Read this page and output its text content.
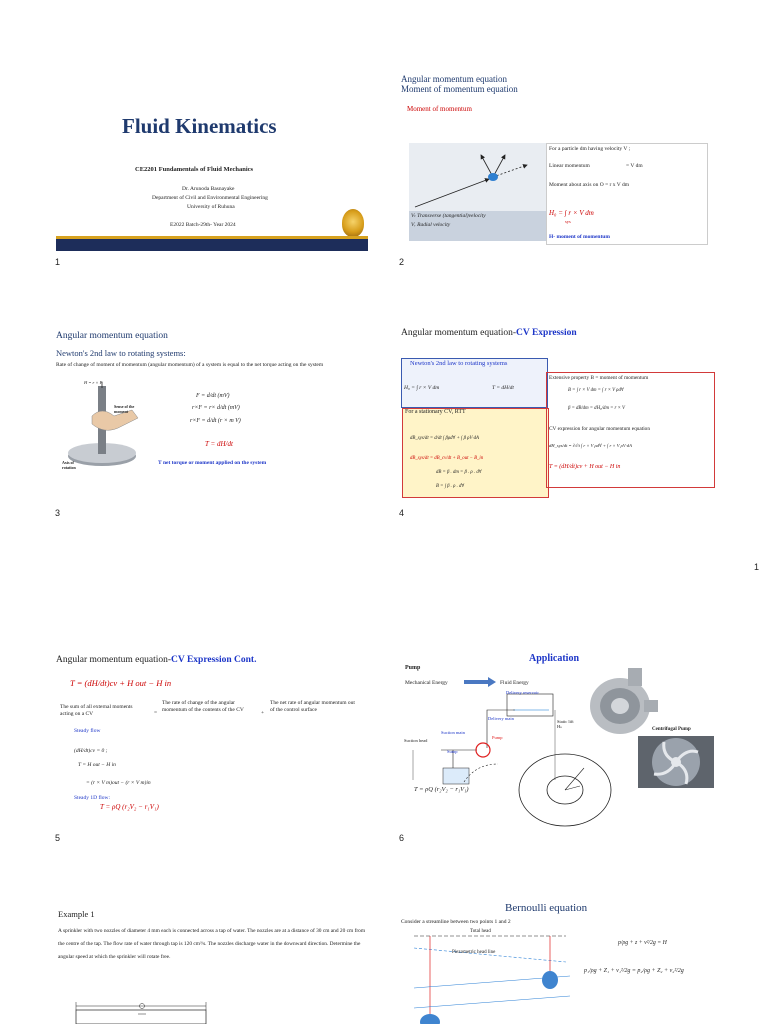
Fluid Kinematics
CE2201 Fundamentals of Fluid Mechanics
Dr. Arunoda Basnayake
Department of Civil and Environmental Engineering
University of Ruhuna
E2022 Batch-29th- Year 2024
1
Angular momentum equation
Moment of momentum equation
Moment of momentum
Vₜ Transverse (tangential)velocity
Vᵣ Radial velocity
For a particle dm having velocity V ;
Linear momentum	= V dm
Moment about axis on O = r x V dm
H₀ = ∫ r × V dm
sys
H- moment of momentum
2
Angular momentum equation
Newton's 2nd law to rotating systems:
Rate of change of moment of momentum (angular momentum) of a system is equal to the net torque acting on the system
H = r × P
Sense of the moment
Axis of rotation
F = d/dt (mV)
r×F = r× d/dt (mV)
r×F = d/dt (r × m V)
T = dH/dt
T net torque or moment applied on the system
3
Angular momentum equation-CV Expression
Newton's 2nd law to rotating systems
H₀ = ∫ r × V dm	T = dH/dt
For a stationary CV, RTT
dB_sys/dt = d/dt ∫ βρd∀ + ∫ β ρV·dA
dB_sys/dt = dB_cv/dt + B_out − B_in
dB = β . dm = β . ρ . d∀
B = ∫ β . ρ . d∀
Extensive property B = moment of momentum
B = ∫ r × V dm = ∫ r × V ρd∀
β = dB/dm = dH₀/dm = r × V
CV expression for angular momentum equation
dH_sys/dt = ∂/∂t ∫ r × V ρd∀ + ∫ r × V ρV·dA
T = (dH/dt)cv + H out − H in
4
1
Angular momentum equation-CV Expression Cont.
T = (dH/dt)cv + H out − H in
The sum of all external moments acting on a CV	=
The rate of change of the angular momentum of the contents of the CV	+
The net rate of angular momentum out of the control surface
Steady flow
(dH/dt)cv = 0 ;
T = H out − H in
= (r × V m)out − (r × V m)in
Steady 1D flow:
T = ρQ (r₂V₂ − r₁V₁)
5
Application
Pump
Mechanical Energy	Fluid Energy
Delivery reservoir
Delivery main
Suction main
Pump
Sump
Suction head
Static lift Hₛ
Centrifugal Pump
T = ρQ (r₂V₂ − r₁V₁)
6
Example 1
A sprinkler with two nozzles of diameter 4 mm each is connected across a tap of water. The nozzles are at a distance of 30 cm and 20 cm from the centre of the tap. The flow rate of water through tap is 120 cm³/s. The nozzles discharge water in the downward direction. Determine the angular speed at which the sprinkler will rotate free.
Bernoulli equation
Consider a streamline between two points 1 and 2
Total head
Piezometric head line
p/ρg + z + v²/2g = H
p₁/ρg + Z₁ + v₁²/2g = p₂/ρg + Z₂ + v₂²/2g
